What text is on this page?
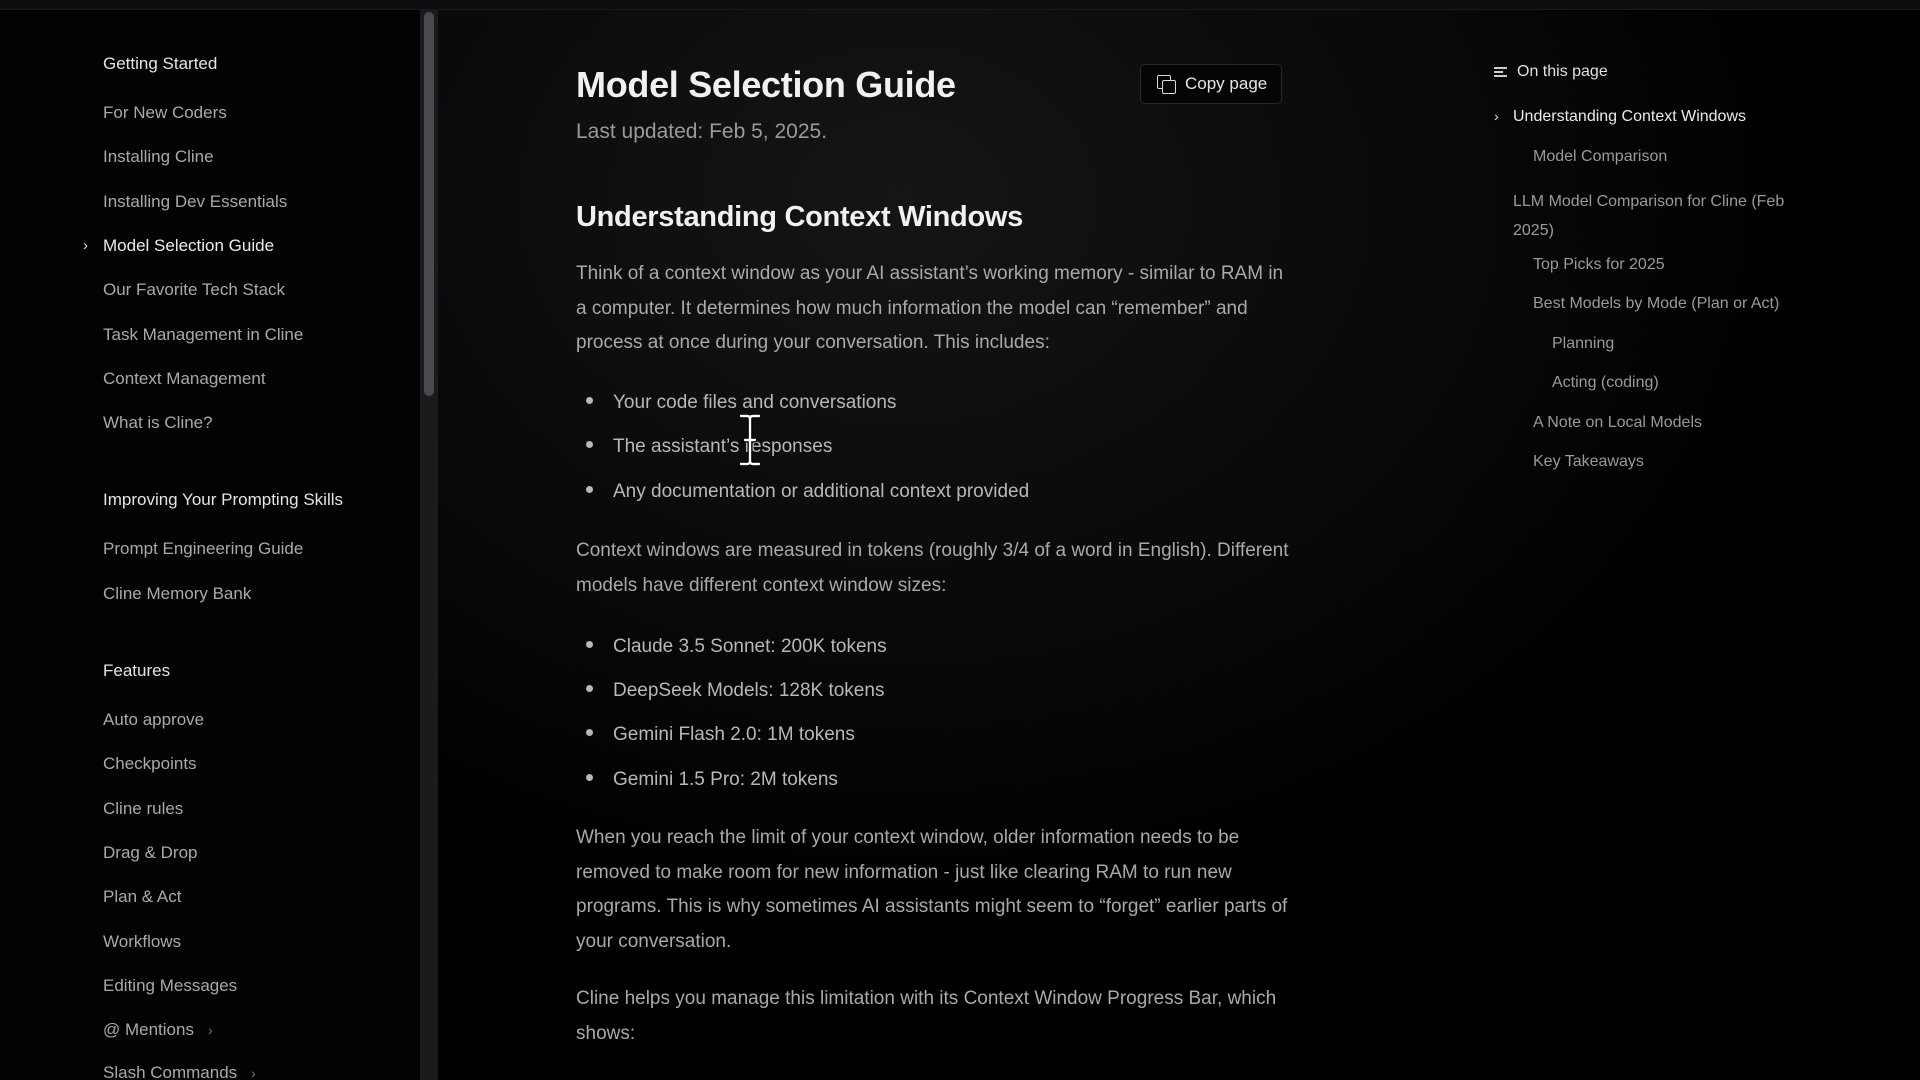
Getting Started
For New Coders
Installing Cline
Installing Dev Essentials
› Model Selection Guide
Our Favorite Tech Stack
Task Management in Cline
Context Management
What is Cline?
Improving Your Prompting Skills
Prompt Engineering Guide
Cline Memory Bank
Features
Auto approve
Checkpoints
Cline rules
Drag & Drop
Plan & Act
Workflows
Editing Messages
@ Mentions ›
Slash Commands ›
Model Selection Guide
Last updated: Feb 5, 2025.
Copy page
Understanding Context Windows

Think of a context window as your AI assistant’s working memory - similar to RAM in a computer. It determines how much information the model can “remember” and process at once during your conversation. This includes:

Your code files and conversations
The assistant’s responses
Any documentation or additional context provided

Context windows are measured in tokens (roughly 3/4 of a word in English). Different models have different context window sizes:

Claude 3.5 Sonnet: 200K tokens
DeepSeek Models: 128K tokens
Gemini Flash 2.0: 1M tokens
Gemini 1.5 Pro: 2M tokens

When you reach the limit of your context window, older information needs to be removed to make room for new information - just like clearing RAM to run new programs. This is why sometimes AI assistants might seem to “forget” earlier parts of your conversation.

Cline helps you manage this limitation with its Context Window Progress Bar, which shows:

On this page
› Understanding Context Windows
Model Comparison
LLM Model Comparison for Cline (Feb 2025)
Top Picks for 2025
Best Models by Mode (Plan or Act)
Planning
Acting (coding)
A Note on Local Models
Key Takeaways
